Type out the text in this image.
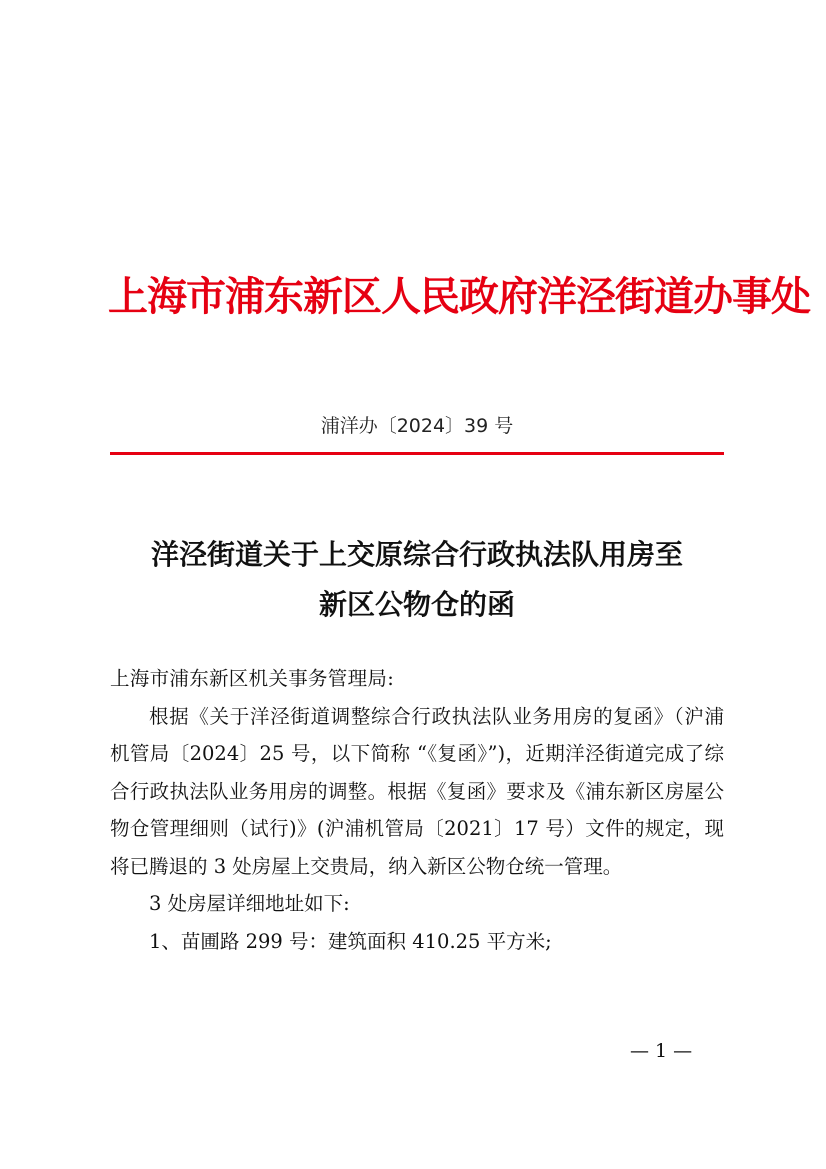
上海市浦东新区人民政府洋泾街道办事处
浦洋办〔2024〕39 号
洋泾街道关于上交原综合行政执法队用房至
新区公物仓的函

上海市浦东新区机关事务管理局:

根据《关于洋泾街道调整综合行政执法队业务用房的复函》（沪浦机管局〔2024〕25 号，以下简称 “《复函》”)，近期洋泾街道完成了综合行政执法队业务用房的调整。根据《复函》要求及《浦东新区房屋公物仓管理细则（试行)》(沪浦机管局〔2021〕17 号）文件的规定，现将已腾退的 3 处房屋上交贵局，纳入新区公物仓统一管理。

3 处房屋详细地址如下:

1、苗圃路 299 号：建筑面积 410.25 平方米;

— 1 —
